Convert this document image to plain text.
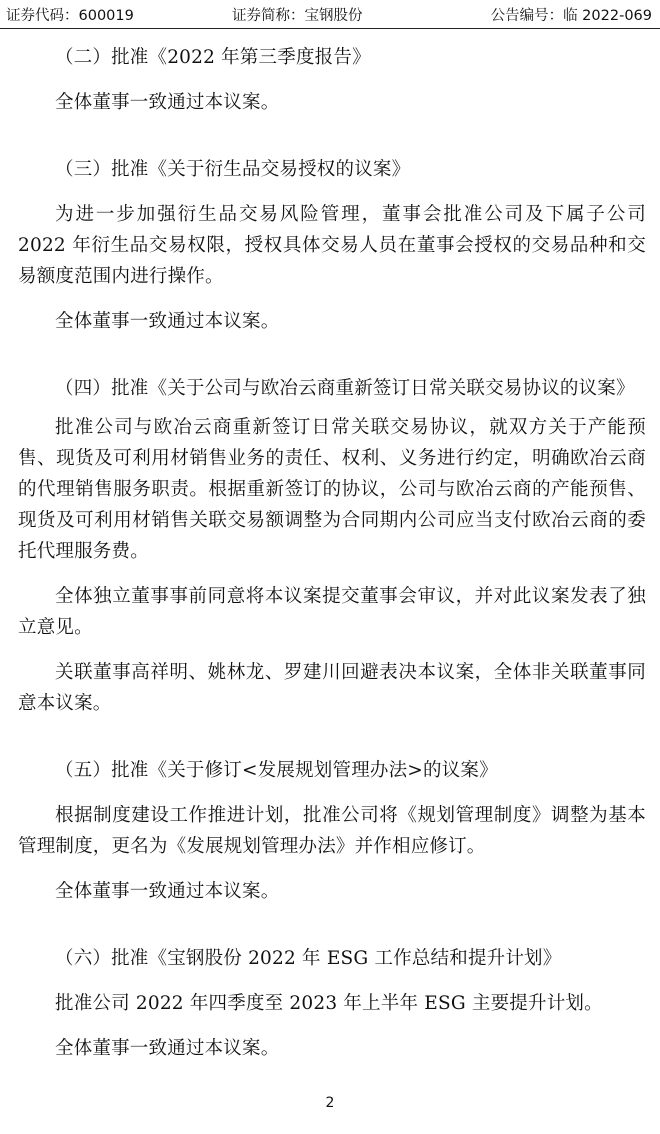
证券代码：600019	证券简称：宝钢股份	公告编号：临 2022-069

（二）批准《2022 年第三季度报告》

全体董事一致通过本议案。

（三）批准《关于衍生品交易授权的议案》

为进一步加强衍生品交易风险管理，董事会批准公司及下属子公司 2022 年衍生品交易权限，授权具体交易人员在董事会授权的交易品种和交易额度范围内进行操作。

全体董事一致通过本议案。

（四）批准《关于公司与欧冶云商重新签订日常关联交易协议的议案》

批准公司与欧冶云商重新签订日常关联交易协议，就双方关于产能预售、现货及可利用材销售业务的责任、权利、义务进行约定，明确欧冶云商的代理销售服务职责。根据重新签订的协议，公司与欧冶云商的产能预售、现货及可利用材销售关联交易额调整为合同期内公司应当支付欧冶云商的委托代理服务费。

全体独立董事事前同意将本议案提交董事会审议，并对此议案发表了独立意见。

关联董事高祥明、姚林龙、罗建川回避表决本议案，全体非关联董事同意本议案。

（五）批准《关于修订<发展规划管理办法>的议案》

根据制度建设工作推进计划，批准公司将《规划管理制度》调整为基本管理制度，更名为《发展规划管理办法》并作相应修订。

全体董事一致通过本议案。

（六）批准《宝钢股份 2022 年 ESG 工作总结和提升计划》

批准公司 2022 年四季度至 2023 年上半年 ESG 主要提升计划。

全体董事一致通过本议案。

2
